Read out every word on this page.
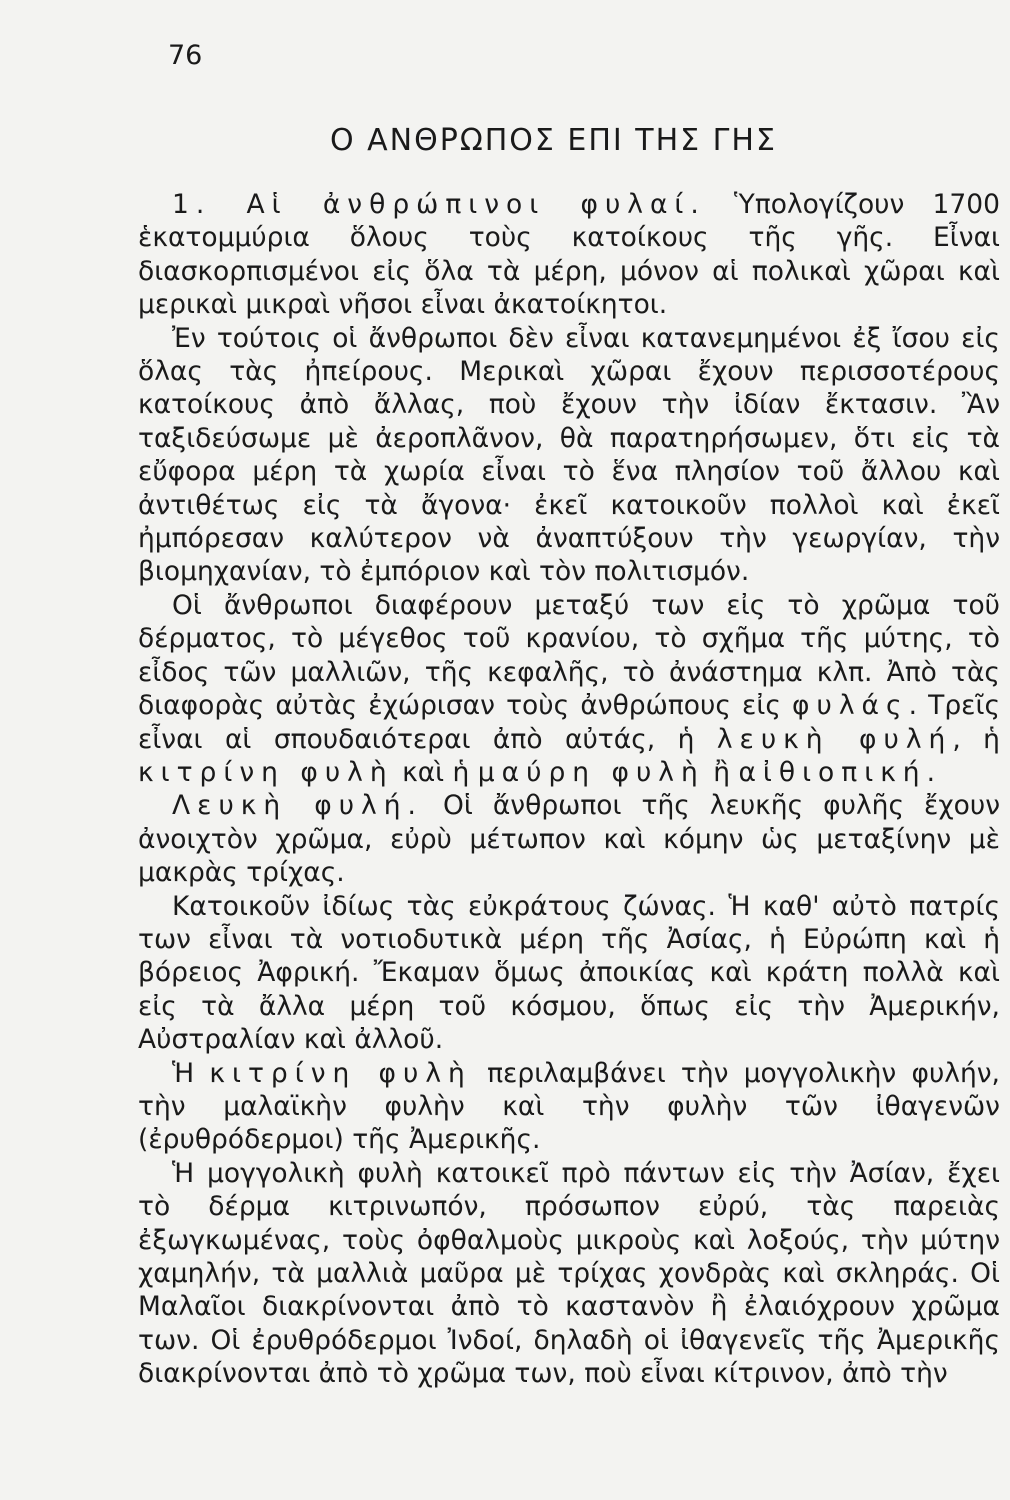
76
Ο ΑΝΘΡΩΠΟΣ ΕΠΙ ΤΗΣ ΓΗΣ

1. Αἱ ἀνθρώπινοι φυλαί. Ὑπολογίζουν 1700 ἑκατομμύρια ὅλους τοὺς κατοίκους τῆς γῆς. Εἶναι διασκορπισμένοι εἰς ὅλα τὰ μέρη, μόνον αἱ πολικαὶ χῶραι καὶ μερικαὶ μικραὶ νῆσοι εἶναι ἀκατοίκητοι.

Ἐν τούτοις οἱ ἄνθρωποι δὲν εἶναι κατανεμημένοι ἐξ ἴσου εἰς ὅλας τὰς ἠπείρους. Μερικαὶ χῶραι ἔχουν περισσοτέρους κατοίκους ἀπὸ ἄλλας, ποὺ ἔχουν τὴν ἰδίαν ἔκτασιν. Ἂν ταξιδεύσωμε μὲ ἀεροπλᾶνον, θὰ παρατηρήσωμεν, ὅτι εἰς τὰ εὔφορα μέρη τὰ χωρία εἶναι τὸ ἕνα πλησίον τοῦ ἄλλου καὶ ἀντιθέτως εἰς τὰ ἄγονα· ἐκεῖ κατοικοῦν πολλοὶ καὶ ἐκεῖ ἠμπόρεσαν καλύτερον νὰ ἀναπτύξουν τὴν γεωργίαν, τὴν βιομηχανίαν, τὸ ἐμπόριον καὶ τὸν πολιτισμόν.

Οἱ ἄνθρωποι διαφέρουν μεταξύ των εἰς τὸ χρῶμα τοῦ δέρματος, τὸ μέγεθος τοῦ κρανίου, τὸ σχῆμα τῆς μύτης, τὸ εἶδος τῶν μαλλιῶν, τῆς κεφαλῆς, τὸ ἀνάστημα κλπ. Ἀπὸ τὰς διαφορὰς αὐτὰς ἐχώρισαν τοὺς ἀνθρώπους εἰς φυλάς. Τρεῖς εἶναι αἱ σπουδαιότεραι ἀπὸ αὐτάς, ἡ λευκὴ φυλή, ἡ κιτρίνη φυλὴ καὶ ἡ μαύρη φυλὴ ἢ αἰθιοπική.

Λευκὴ φυλή. Οἱ ἄνθρωποι τῆς λευκῆς φυλῆς ἔχουν ἀνοιχτὸν χρῶμα, εὐρὺ μέτωπον καὶ κόμην ὡς μεταξίνην μὲ μακρὰς τρίχας.

Κατοικοῦν ἰδίως τὰς εὐκράτους ζώνας. Ἡ καθ' αὐτὸ πατρίς των εἶναι τὰ νοτιοδυτικὰ μέρη τῆς Ἀσίας, ἡ Εὐρώπη καὶ ἡ βόρειος Ἀφρική. Ἔκαμαν ὅμως ἀποικίας καὶ κράτη πολλὰ καὶ εἰς τὰ ἄλλα μέρη τοῦ κόσμου, ὅπως εἰς τὴν Ἀμερικήν, Αὐστραλίαν καὶ ἀλλοῦ.

Ἡ κιτρίνη φυλὴ περιλαμβάνει τὴν μογγολικὴν φυλήν, τὴν μαλαϊκὴν φυλὴν καὶ τὴν φυλὴν τῶν ἰθαγενῶν (ἐρυθρόδερμοι) τῆς Ἀμερικῆς.

Ἡ μογγολικὴ φυλὴ κατοικεῖ πρὸ πάντων εἰς τὴν Ἀσίαν, ἔχει τὸ δέρμα κιτρινωπόν, πρόσωπον εὐρύ, τὰς παρειὰς ἐξωγκωμένας, τοὺς ὀφθαλμοὺς μικροὺς καὶ λοξούς, τὴν μύτην χαμηλήν, τὰ μαλλιὰ μαῦρα μὲ τρίχας χονδρὰς καὶ σκληράς. Οἱ Μαλαῖοι διακρίνονται ἀπὸ τὸ καστανὸν ἢ ἐλαιόχρουν χρῶμα των. Οἱ ἐρυθρόδερμοι Ἰνδοί, δηλαδὴ οἱ ἰθαγενεῖς τῆς Ἀμερικῆς διακρίνονται ἀπὸ τὸ χρῶμα των, ποὺ εἶναι κίτρινον, ἀπὸ τὴν
